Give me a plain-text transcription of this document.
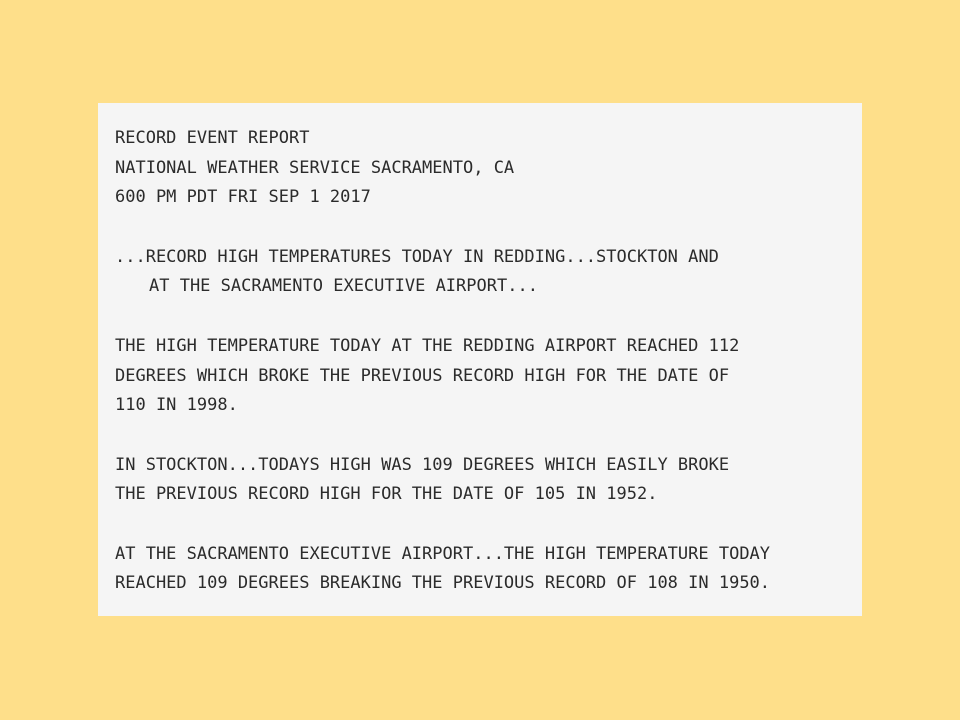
RECORD EVENT REPORT
NATIONAL WEATHER SERVICE SACRAMENTO, CA
600 PM PDT FRI SEP 1 2017
...RECORD HIGH TEMPERATURES TODAY IN REDDING...STOCKTON AND
AT THE SACRAMENTO EXECUTIVE AIRPORT...
THE HIGH TEMPERATURE TODAY AT THE REDDING AIRPORT REACHED 112
DEGREES WHICH BROKE THE PREVIOUS RECORD HIGH FOR THE DATE OF
110 IN 1998.
IN STOCKTON...TODAYS HIGH WAS 109 DEGREES WHICH EASILY BROKE
THE PREVIOUS RECORD HIGH FOR THE DATE OF 105 IN 1952.
AT THE SACRAMENTO EXECUTIVE AIRPORT...THE HIGH TEMPERATURE TODAY
REACHED 109 DEGREES BREAKING THE PREVIOUS RECORD OF 108 IN 1950.
